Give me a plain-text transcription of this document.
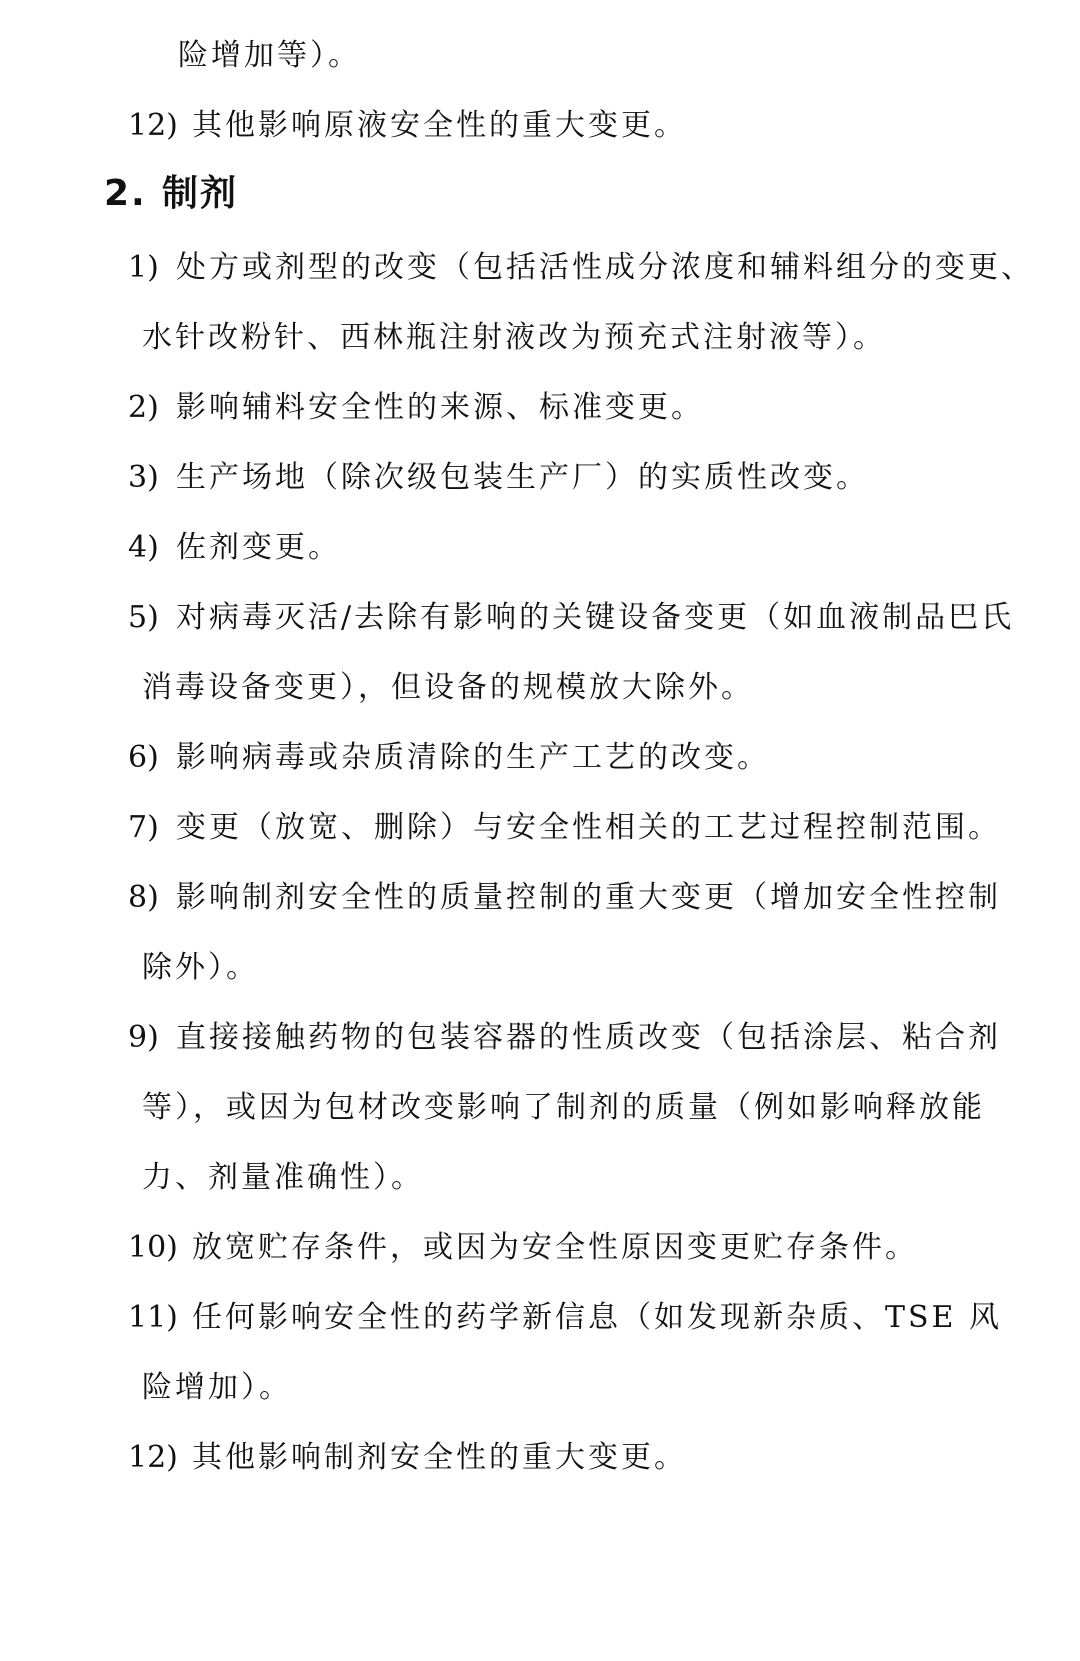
险增加等）。
12) 其他影响原液安全性的重大变更。
2. 制剂
1) 处方或剂型的改变（包括活性成分浓度和辅料组分的变更、
水针改粉针、西林瓶注射液改为预充式注射液等）。
2) 影响辅料安全性的来源、标准变更。
3) 生产场地（除次级包装生产厂）的实质性改变。
4) 佐剂变更。
5) 对病毒灭活/去除有影响的关键设备变更（如血液制品巴氏
消毒设备变更），但设备的规模放大除外。
6) 影响病毒或杂质清除的生产工艺的改变。
7) 变更（放宽、删除）与安全性相关的工艺过程控制范围。
8) 影响制剂安全性的质量控制的重大变更（增加安全性控制
除外）。
9) 直接接触药物的包装容器的性质改变（包括涂层、粘合剂
等），或因为包材改变影响了制剂的质量（例如影响释放能
力、剂量准确性）。
10) 放宽贮存条件，或因为安全性原因变更贮存条件。
11) 任何影响安全性的药学新信息（如发现新杂质、TSE 风
险增加）。
12) 其他影响制剂安全性的重大变更。
